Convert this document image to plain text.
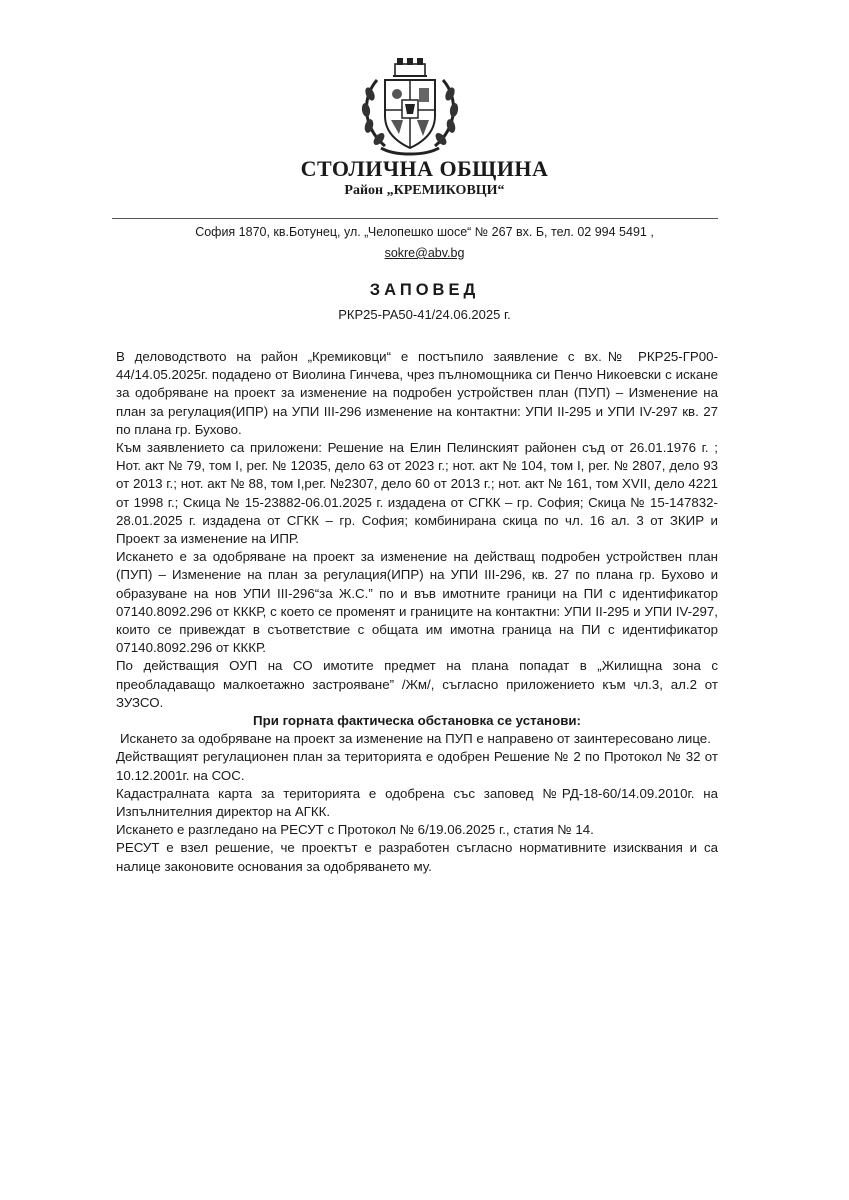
СТОЛИЧНА ОБЩИНА
Район „КРЕМИКОВЦИ“
София 1870, кв.Ботунец, ул. „Челопешко шосе“ № 267 вх. Б, тел. 02 994 5491 ,
sokre@abv.bg
ЗАПОВЕД
РКР25-РА50-41/24.06.2025 г.

В деловодството на район „Кремиковци“ е постъпило заявление с вх.№ РКР25-ГР00-44/14.05.2025г. подадено от Виолина Гинчева, чрез пълномощника си Пенчо Никоевски с искане за одобряване на проект за изменение на подробен устройствен план (ПУП) – Изменение на план за регулация(ИПР) на УПИ III-296 изменение на контактни: УПИ II-295 и УПИ IV-297 кв. 27 по плана гр. Бухово.

Към заявлението са приложени: Решение на Елин Пелинският районен съд от 26.01.1976 г. ; Нот. акт № 79, том I, рег. № 12035, дело 63 от 2023 г.; нот. акт № 104, том I, рег. № 2807, дело 93 от 2013 г.; нот. акт № 88, том I,рег. №2307, дело 60 от 2013 г.; нот. акт № 161, том XVII, дело 4221 от 1998 г.; Скица № 15-23882-06.01.2025 г. издадена от СГКК – гр. София; Скица № 15-147832-28.01.2025 г. издадена от СГКК – гр. София; комбинирана скица по чл. 16 ал. 3 от ЗКИР и Проект за изменение на ИПР.

Искането е за одобряване на проект за изменение на действащ подробен устройствен план (ПУП) – Изменение на план за регулация(ИПР) на УПИ III-296, кв. 27 по плана гр. Бухово и образуване на нов УПИ III-296“за Ж.С.” по и във имотните граници на ПИ с идентификатор 07140.8092.296 от КККР, с което се променят и границите на контактни: УПИ II-295 и УПИ IV-297, които се привеждат в съответствие с общата им имотна граница на ПИ с идентификатор 07140.8092.296 от КККР.

По действащия ОУП на СО имотите предмет на плана попадат в „Жилищна зона с преобладаващо малкоетажно застрояване” /Жм/, съгласно приложението към чл.3, ал.2 от ЗУЗСО.

При горната фактическа обстановка се установи:

Искането за одобряване на проект за изменение на ПУП е направено от заинтересовано лице.

Действащият регулационен план за територията е одобрен Решение № 2 по Протокол № 32 от 10.12.2001г. на СОС.

Кадастралната карта за територията е одобрена със заповед №РД-18-60/14.09.2010г. на Изпълнителния директор на АГКК.

Искането е разгледано на РЕСУТ с Протокол № 6/19.06.2025 г., статия № 14.

РЕСУТ е взел решение, че проектът е разработен съгласно нормативните изисквания и са налице законовите основания за одобряването му.
